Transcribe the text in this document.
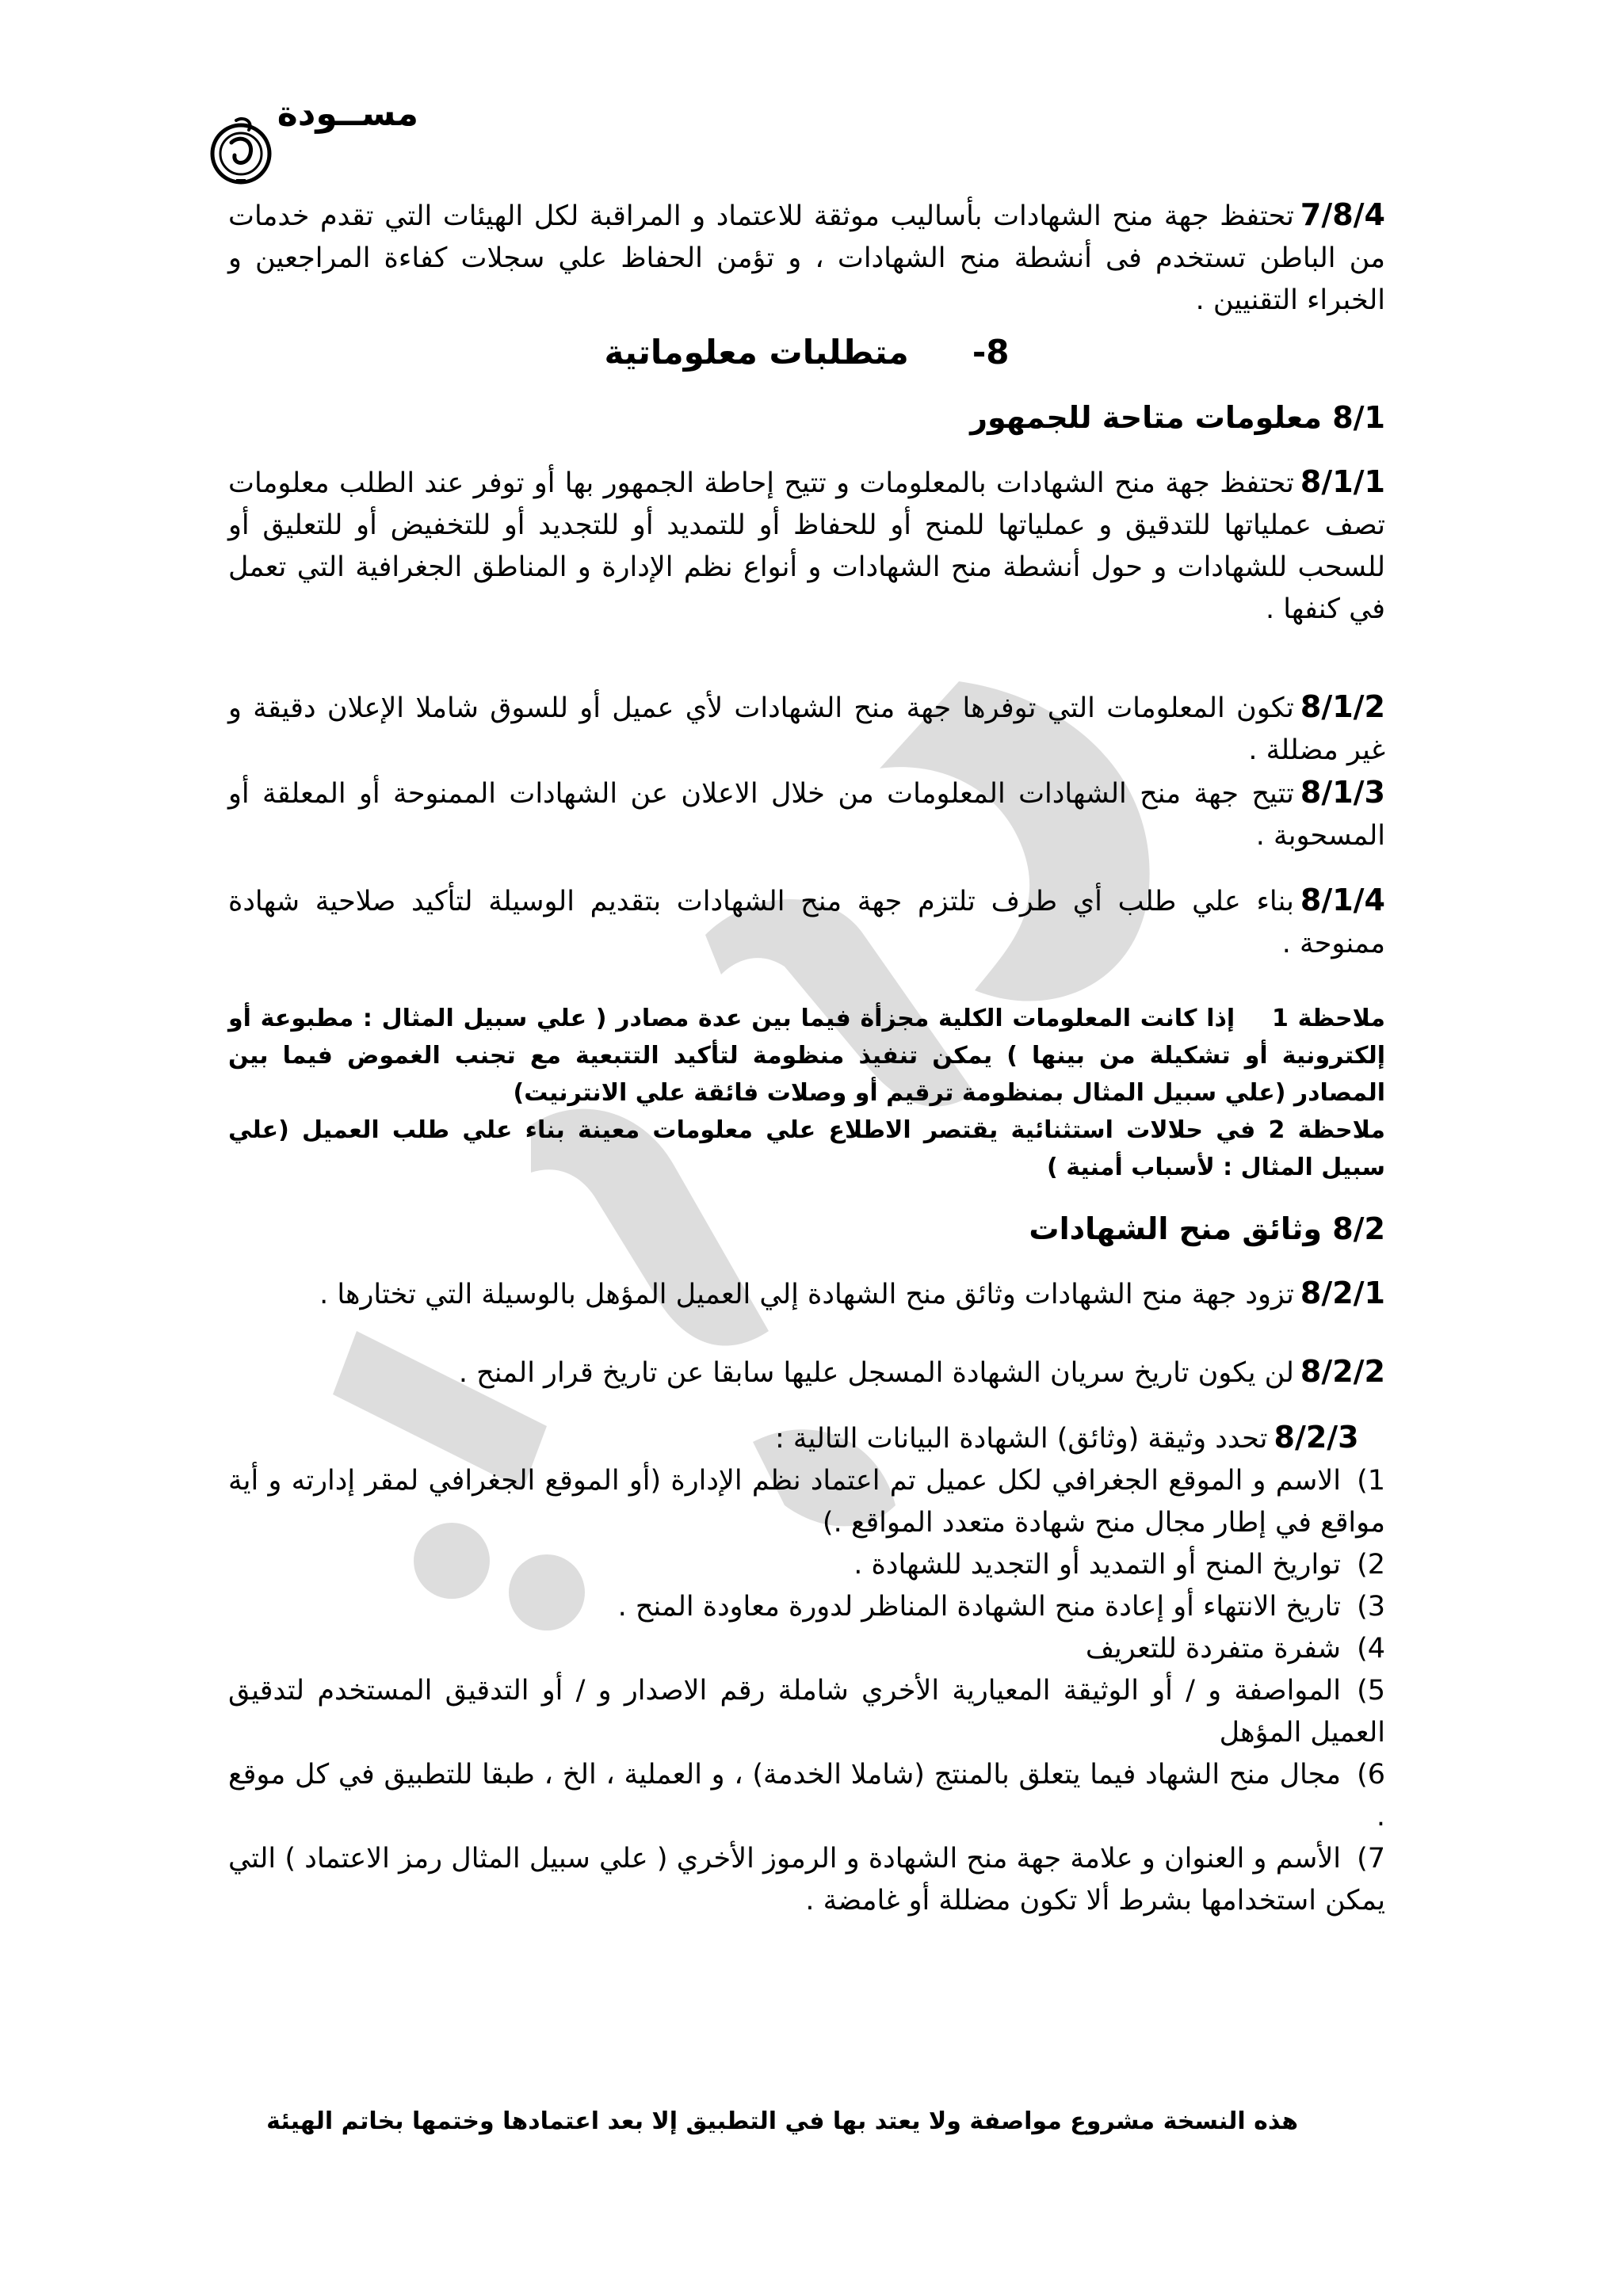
مســودة

7/8/4تحتفظ جهة منح الشهادات بأساليب موثقة للاعتماد و المراقبة لكل الهيئات التي تقدم خدمات من الباطن تستخدم فى أنشطة منح الشهادات ، و تؤمن الحفاظ علي سجلات كفاءة المراجعين و الخبراء التقنيين .

8-متطلبات معلوماتية
8/1 معلومات متاحة للجمهور

8/1/1تحتفظ جهة منح الشهادات بالمعلومات و تتيح إحاطة الجمهور بها أو توفر عند الطلب معلومات تصف عملياتها للتدقيق و عملياتها للمنح أو للحفاظ أو للتمديد أو للتجديد أو للتخفيض أو للتعليق أو للسحب للشهادات و حول أنشطة منح الشهادات و أنواع نظم الإدارة و المناطق الجغرافية التي تعمل في كنفها .

8/1/2تكون المعلومات التي توفرها جهة منح الشهادات لأي عميل أو للسوق شاملا الإعلان دقيقة و غير مضللة .

8/1/3تتيح جهة منح الشهادات المعلومات من خلال الاعلان عن الشهادات الممنوحة أو المعلقة أو المسحوبة .

8/1/4بناء علي طلب أي طرف تلتزم جهة منح الشهادات بتقديم الوسيلة لتأكيد صلاحية شهادة ممنوحة .

ملاحظة 1    إذا كانت المعلومات الكلية مجزأة فيما بين عدة مصادر ( علي سبيل المثال : مطبوعة أو إلكترونية أو تشكيلة من بينها ) يمكن تنفيذ منظومة لتأكيد التتبعية مع تجنب الغموض فيما بين المصادر (علي سبيل المثال بمنظومة ترقيم أو وصلات فائقة علي الانترنيت)

ملاحظة 2 في حلالات استثنائية يقتصر الاطلاع علي معلومات معينة بناء علي طلب العميل (علي سبيل المثال : لأسباب أمنية )

8/2 وثائق منح الشهادات

8/2/1تزود جهة منح الشهادات وثائق منح الشهادة إلي العميل المؤهل بالوسيلة التي تختارها .

8/2/2لن يكون تاريخ سريان الشهادة المسجل عليها سابقا عن تاريخ قرار المنح .

8/2/3تحدد وثيقة (وثائق) الشهادة البيانات التالية :

1)الاسم و الموقع الجغرافي لكل عميل تم اعتماد نظم الإدارة (أو الموقع الجغرافي لمقر إدارته و أية مواقع في إطار مجال منح شهادة متعدد المواقع .)
2)تواريخ المنح أو التمديد أو التجديد للشهادة .
3)تاريخ الانتهاء أو إعادة منح الشهادة المناظر لدورة معاودة المنح .
4)شفرة متفردة للتعريف
5)المواصفة و / أو الوثيقة المعيارية الأخري شاملة رقم الاصدار و / أو التدقيق المستخدم لتدقيق العميل المؤهل
6)مجال منح الشهاد فيما يتعلق بالمنتج (شاملا الخدمة) ، و العملية ، الخ ، طبقا للتطبيق في كل موقع .
7)الأسم و العنوان و علامة جهة منح الشهادة و الرموز الأخري ( علي سبيل المثال رمز الاعتماد ) التي يمكن استخدامها بشرط ألا تكون مضللة أو غامضة .
هذه النسخة مشروع مواصفة ولا يعتد بها في التطبيق إلا بعد اعتمادها وختمها بخاتم الهيئة
